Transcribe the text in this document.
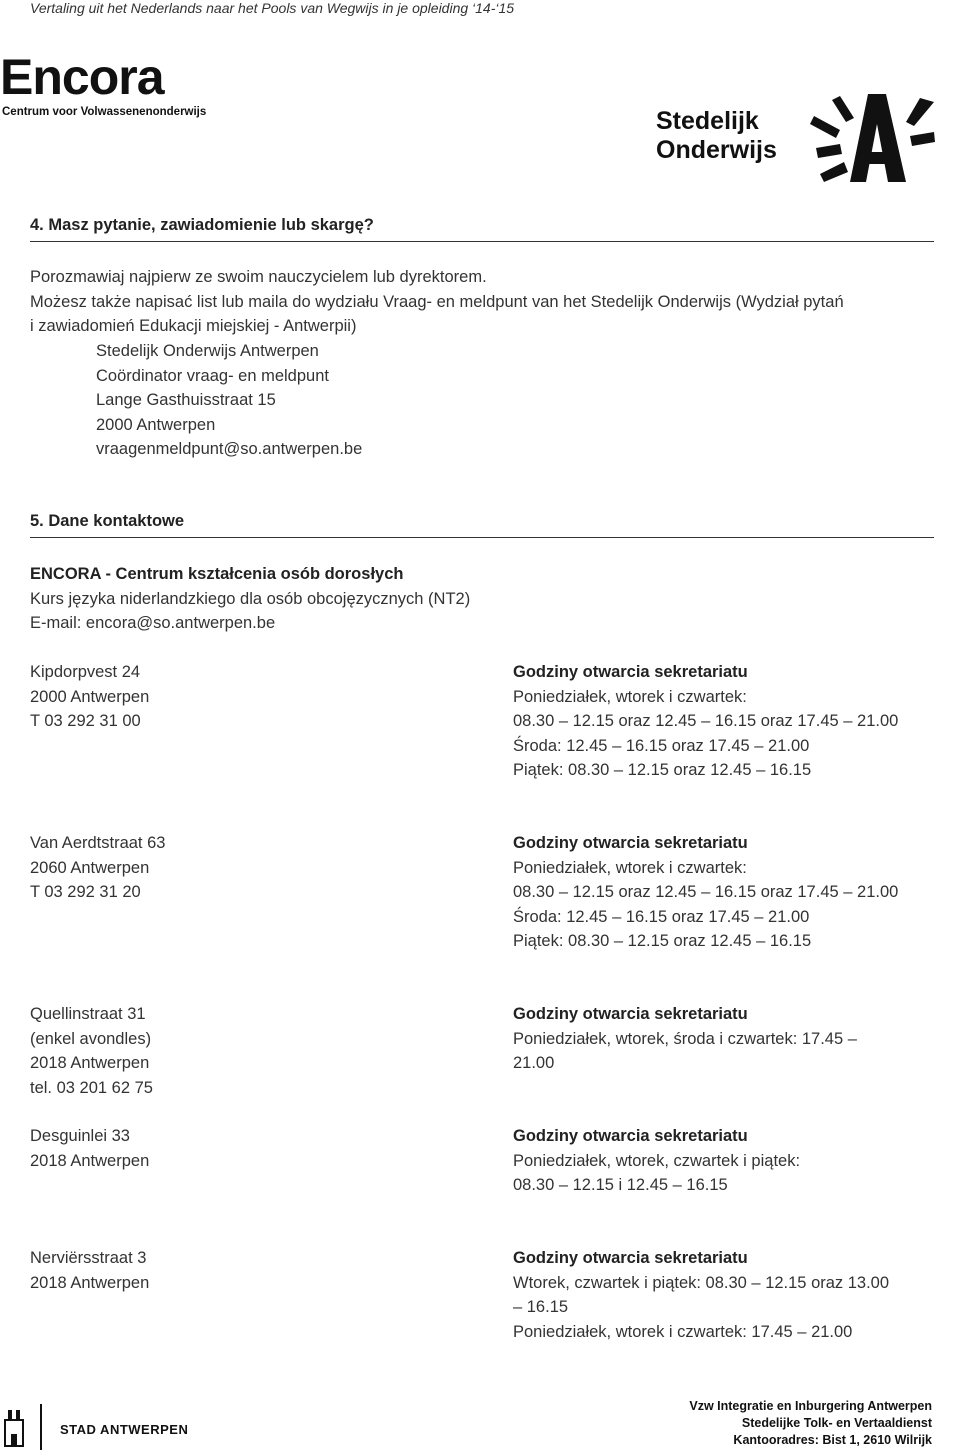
Vertaling uit het Nederlands naar het Pools van Wegwijs in je opleiding ‘14-‘15
Encora
Centrum voor Volwassenenonderwijs	Stedelijk
Onderwijs
4. Masz pytanie, zawiadomienie lub skargę?
Porozmawiaj najpierw ze swoim nauczycielem lub dyrektorem.
Możesz także napisać list lub maila do wydziału Vraag- en meldpunt van het Stedelijk Onderwijs (Wydział pytań
i zawiadomień Edukacji miejskiej - Antwerpii)
Stedelijk Onderwijs Antwerpen
Coördinator vraag- en meldpunt
Lange Gasthuisstraat 15
2000 Antwerpen
vraagenmeldpunt@so.antwerpen.be
5. Dane kontaktowe
ENCORA - Centrum kształcenia osób dorosłych
Kurs języka niderlandzkiego dla osób obcojęzycznych (NT2)
E-mail: encora@so.antwerpen.be
Kipdorpvest 24
2000 Antwerpen
T 03 292 31 00
Godziny otwarcia sekretariatu
Poniedziałek, wtorek i czwartek:
08.30 – 12.15 oraz 12.45 – 16.15 oraz 17.45 – 21.00
Środa: 12.45 – 16.15 oraz 17.45 – 21.00
Piątek: 08.30 – 12.15 oraz 12.45 – 16.15
Van Aerdtstraat 63
2060 Antwerpen
T 03 292 31 20
Godziny otwarcia sekretariatu
Poniedziałek, wtorek i czwartek:
08.30 – 12.15 oraz 12.45 – 16.15 oraz 17.45 – 21.00
Środa: 12.45 – 16.15 oraz 17.45 – 21.00
Piątek: 08.30 – 12.15 oraz 12.45 – 16.15
Quellinstraat 31
(enkel avondles)
2018 Antwerpen
tel. 03 201 62 75
Godziny otwarcia sekretariatu
Poniedziałek, wtorek, środa i czwartek: 17.45 –
21.00
Desguinlei 33
2018 Antwerpen
Godziny otwarcia sekretariatu
Poniedziałek, wtorek, czwartek i piątek:
08.30 – 12.15 i 12.45 – 16.15
Nerviërsstraat 3
2018 Antwerpen
Godziny otwarcia sekretariatu
Wtorek, czwartek i piątek: 08.30 – 12.15 oraz 13.00
– 16.15
Poniedziałek, wtorek i czwartek: 17.45 – 21.00
STAD ANTWERPEN
Vzw Integratie en Inburgering Antwerpen
Stedelijke Tolk- en Vertaaldienst
Kantooradres: Bist 1, 2610 Wilrijk
